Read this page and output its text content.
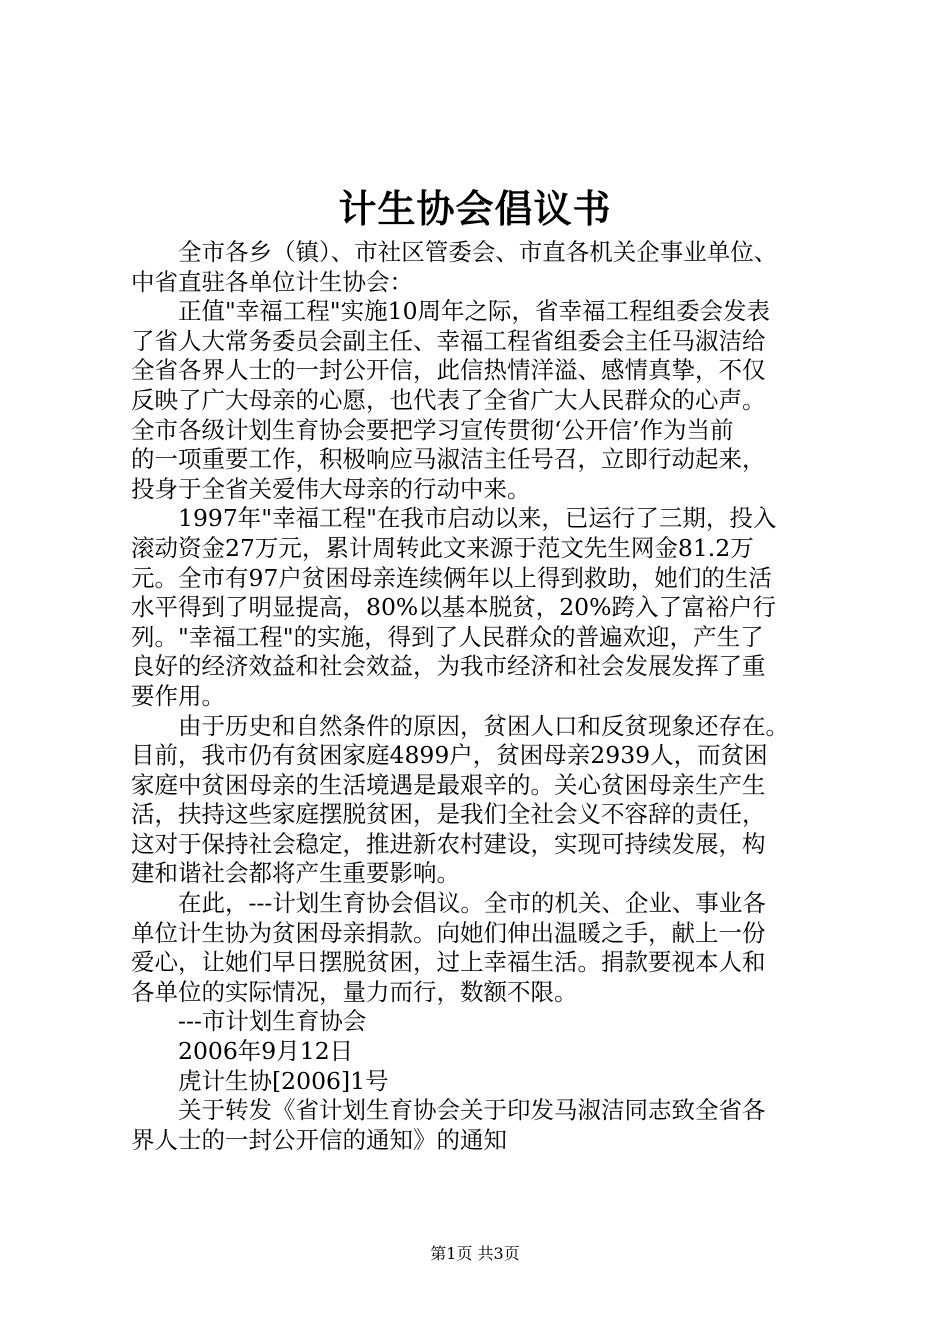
计生协会倡议书

全市各乡（镇）、市社区管委会、市直各机关企事业单位、
中省直驻各单位计生协会：

正值"幸福工程"实施10周年之际，省幸福工程组委会发表
了省人大常务委员会副主任、幸福工程省组委会主任马淑洁给
全省各界人士的一封公开信，此信热情洋溢、感情真挚，不仅
反映了广大母亲的心愿，也代表了全省广大人民群众的心声。
全市各级计划生育协会要把学习宣传贯彻‘公开信’作为当前
的一项重要工作，积极响应马淑洁主任号召，立即行动起来，
投身于全省关爱伟大母亲的行动中来。

1997年"幸福工程"在我市启动以来，已运行了三期，投入
滚动资金27万元，累计周转此文来源于范文先生网金81.2万
元。全市有97户贫困母亲连续俩年以上得到救助，她们的生活
水平得到了明显提高，80%以基本脱贫，20%跨入了富裕户行
列。"幸福工程"的实施，得到了人民群众的普遍欢迎，产生了
良好的经济效益和社会效益，为我市经济和社会发展发挥了重
要作用。

由于历史和自然条件的原因，贫困人口和反贫现象还存在。
目前，我市仍有贫困家庭4899户，贫困母亲2939人，而贫困
家庭中贫困母亲的生活境遇是最艰辛的。关心贫困母亲生产生
活，扶持这些家庭摆脱贫困，是我们全社会义不容辞的责任，
这对于保持社会稳定，推进新农村建设，实现可持续发展，构
建和谐社会都将产生重要影响。

在此，---计划生育协会倡议。全市的机关、企业、事业各
单位计生协为贫困母亲捐款。向她们伸出温暖之手，献上一份
爱心，让她们早日摆脱贫困，过上幸福生活。捐款要视本人和
各单位的实际情况，量力而行，数额不限。

---市计划生育协会

2006年9月12日

虎计生协[2006]1号

关于转发《省计划生育协会关于印发马淑洁同志致全省各
界人士的一封公开信的通知》的通知

第1页 共3页
